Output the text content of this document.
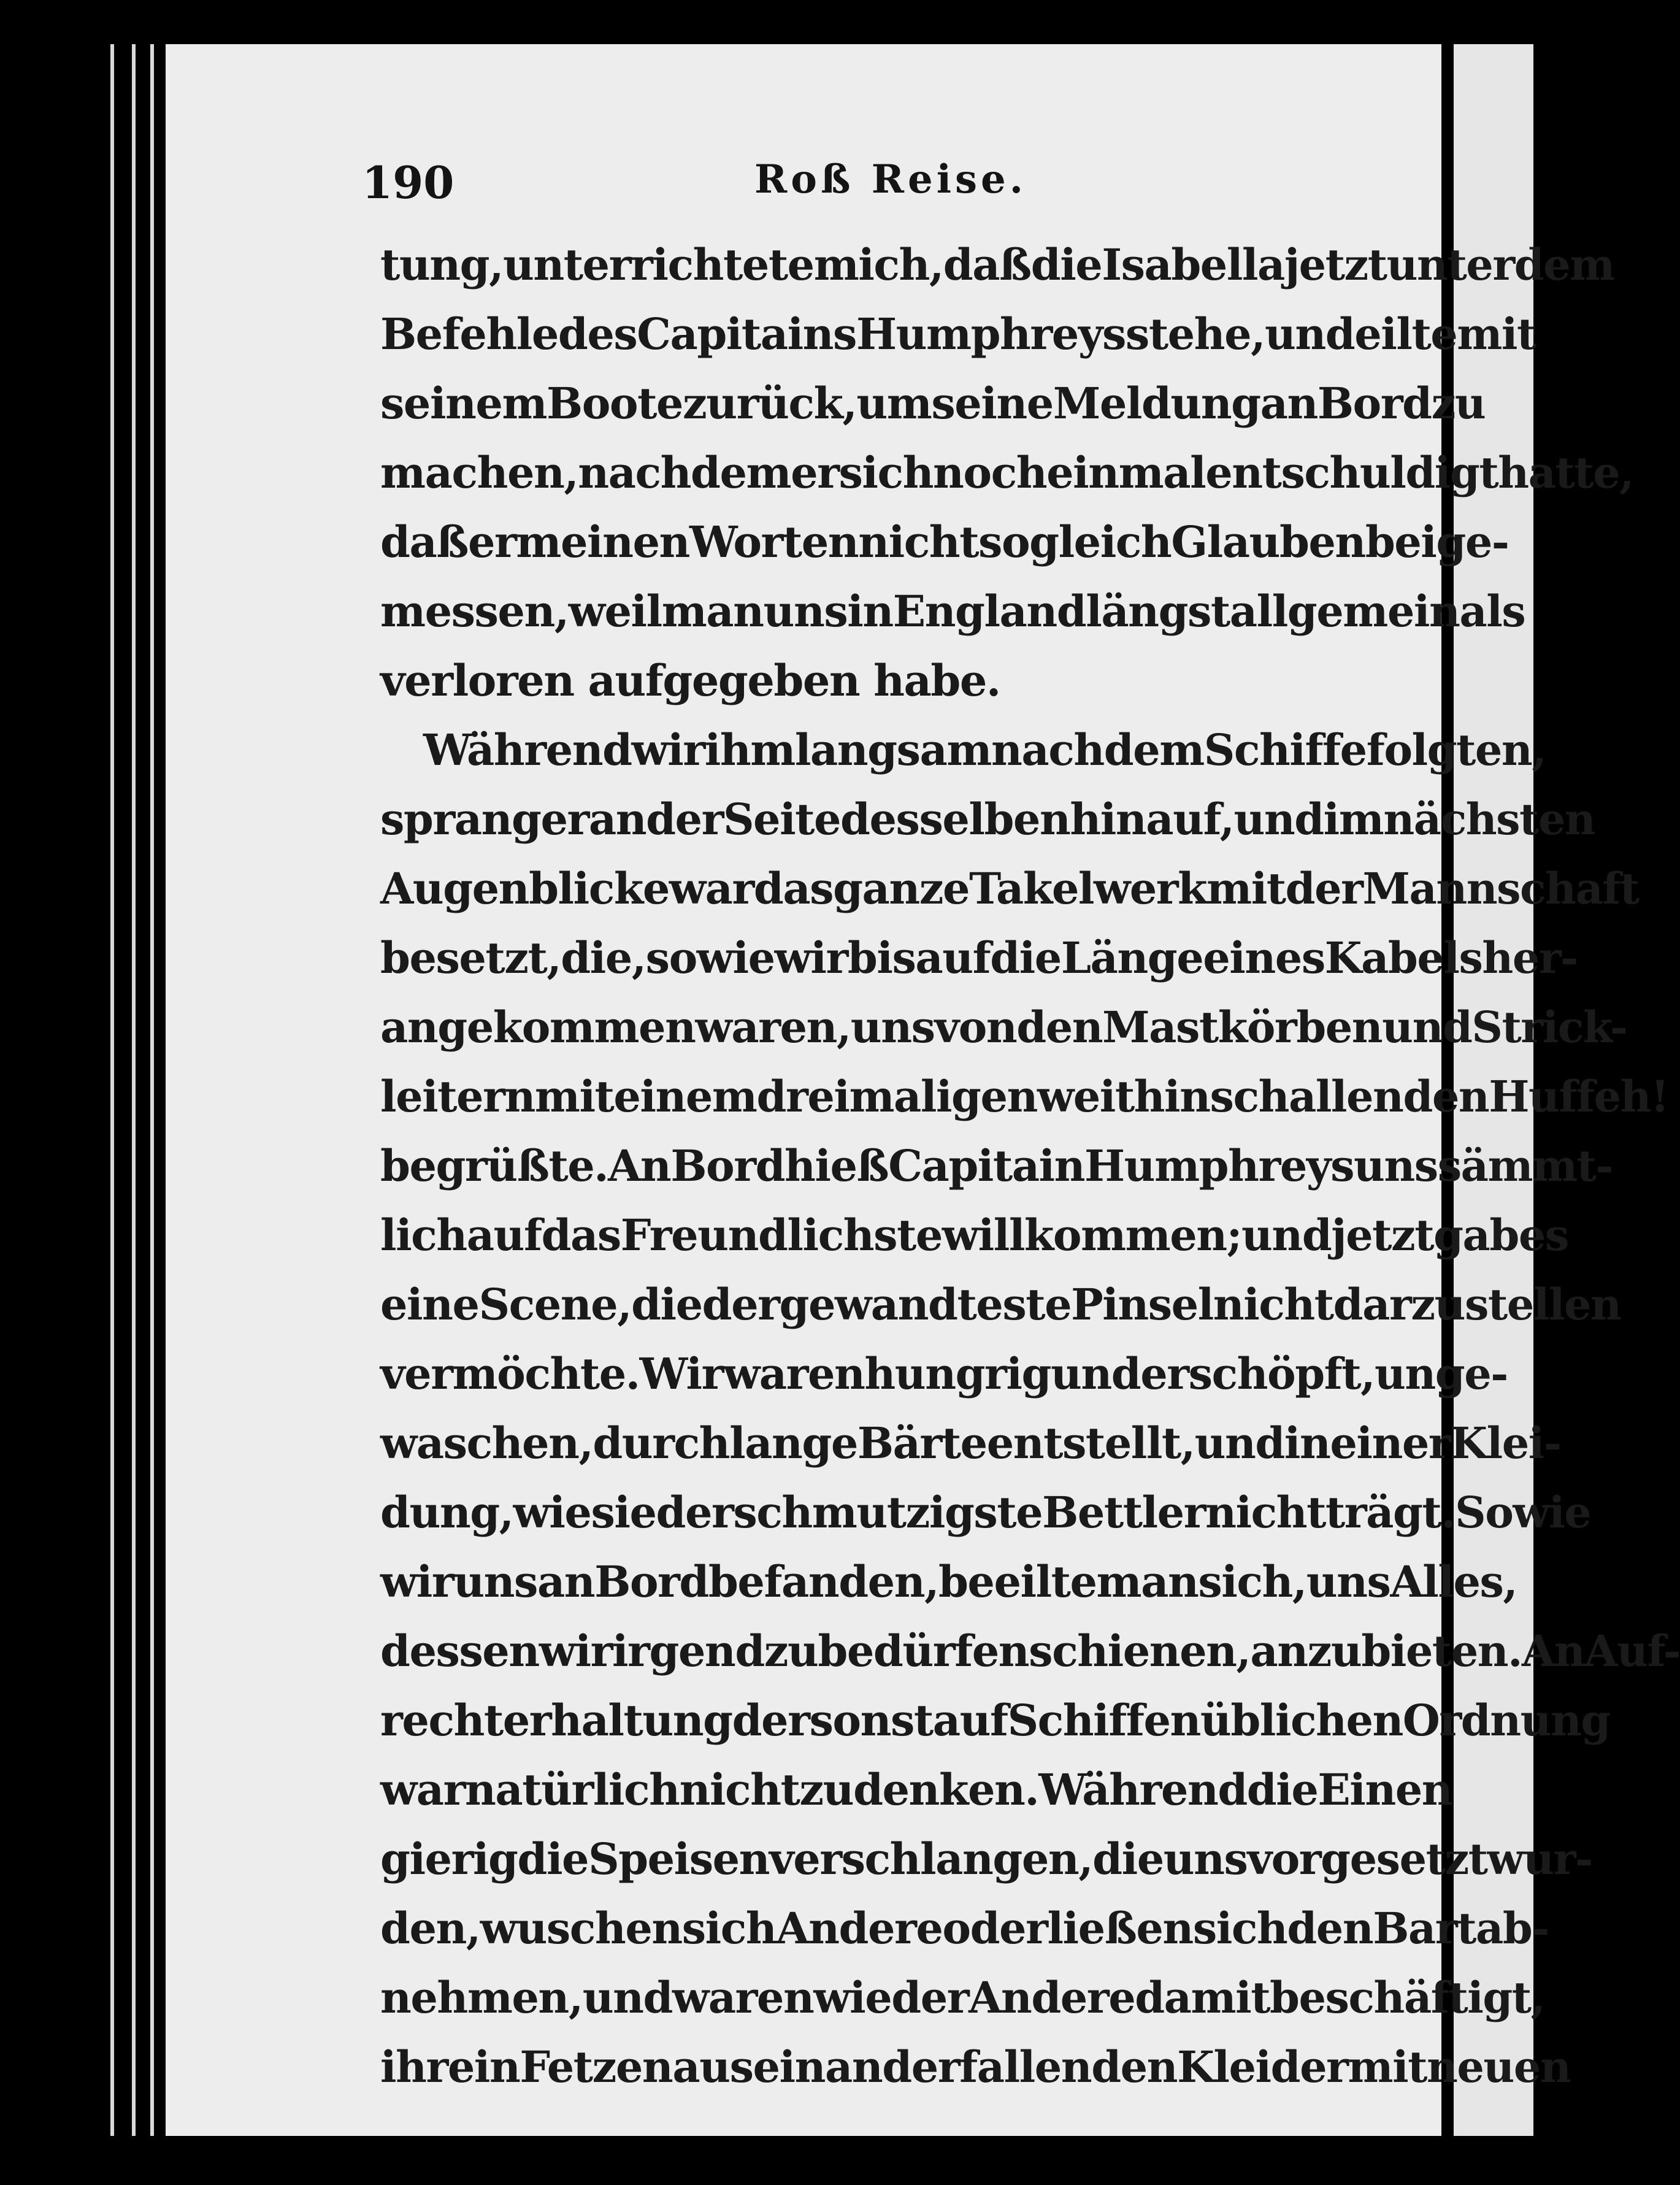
190	Roß Reise.
tung, unterrichtete mich, daß die Isabella jetzt unter dem
Befehle des Capitains Humphreys stehe, und eilte mit
seinem Boote zurück, um seine Meldung an Bord zu
machen, nachdem er sich noch einmal entschuldigt hatte,
daß er meinen Worten nicht sogleich Glauben beige-
messen, weil man uns in England längst allgemein als
verloren aufgegeben habe.
Während wir ihm langsam nach dem Schiffe folgten,
sprang er an der Seite desselben hinauf, und im nächsten
Augenblicke war das ganze Takelwerk mit der Mannschaft
besetzt, die, so wie wir bis auf die Länge eines Kabels her-
angekommen waren, uns von den Mastkörben und Strick-
leitern mit einem dreimaligen weithin schallenden Huffeh!
begrüßte. An Bord hieß Capitain Humphreys uns sämmt-
lich auf das Freundlichste willkommen; und jetzt gab es
eine Scene, die der gewandteste Pinsel nicht darzustellen
vermöchte. Wir waren hungrig und erschöpft, unge-
waschen, durch lange Bärte entstellt, und in einer Klei-
dung, wie sie der schmutzigste Bettler nicht trägt. So wie
wir uns an Bord befanden, beeilte man sich, uns Alles,
dessen wir irgend zu bedürfen schienen, anzubieten. An Auf-
rechterhaltung der sonst auf Schiffen üblichen Ordnung
war natürlich nicht zu denken. Während die Einen
gierig die Speisen verschlangen, die uns vorgesetzt wur-
den, wuschen sich Andere oder ließen sich den Bart ab-
nehmen, und waren wieder Andere damit beschäftigt,
ihre in Fetzen auseinanderfallenden Kleider mit neuen
